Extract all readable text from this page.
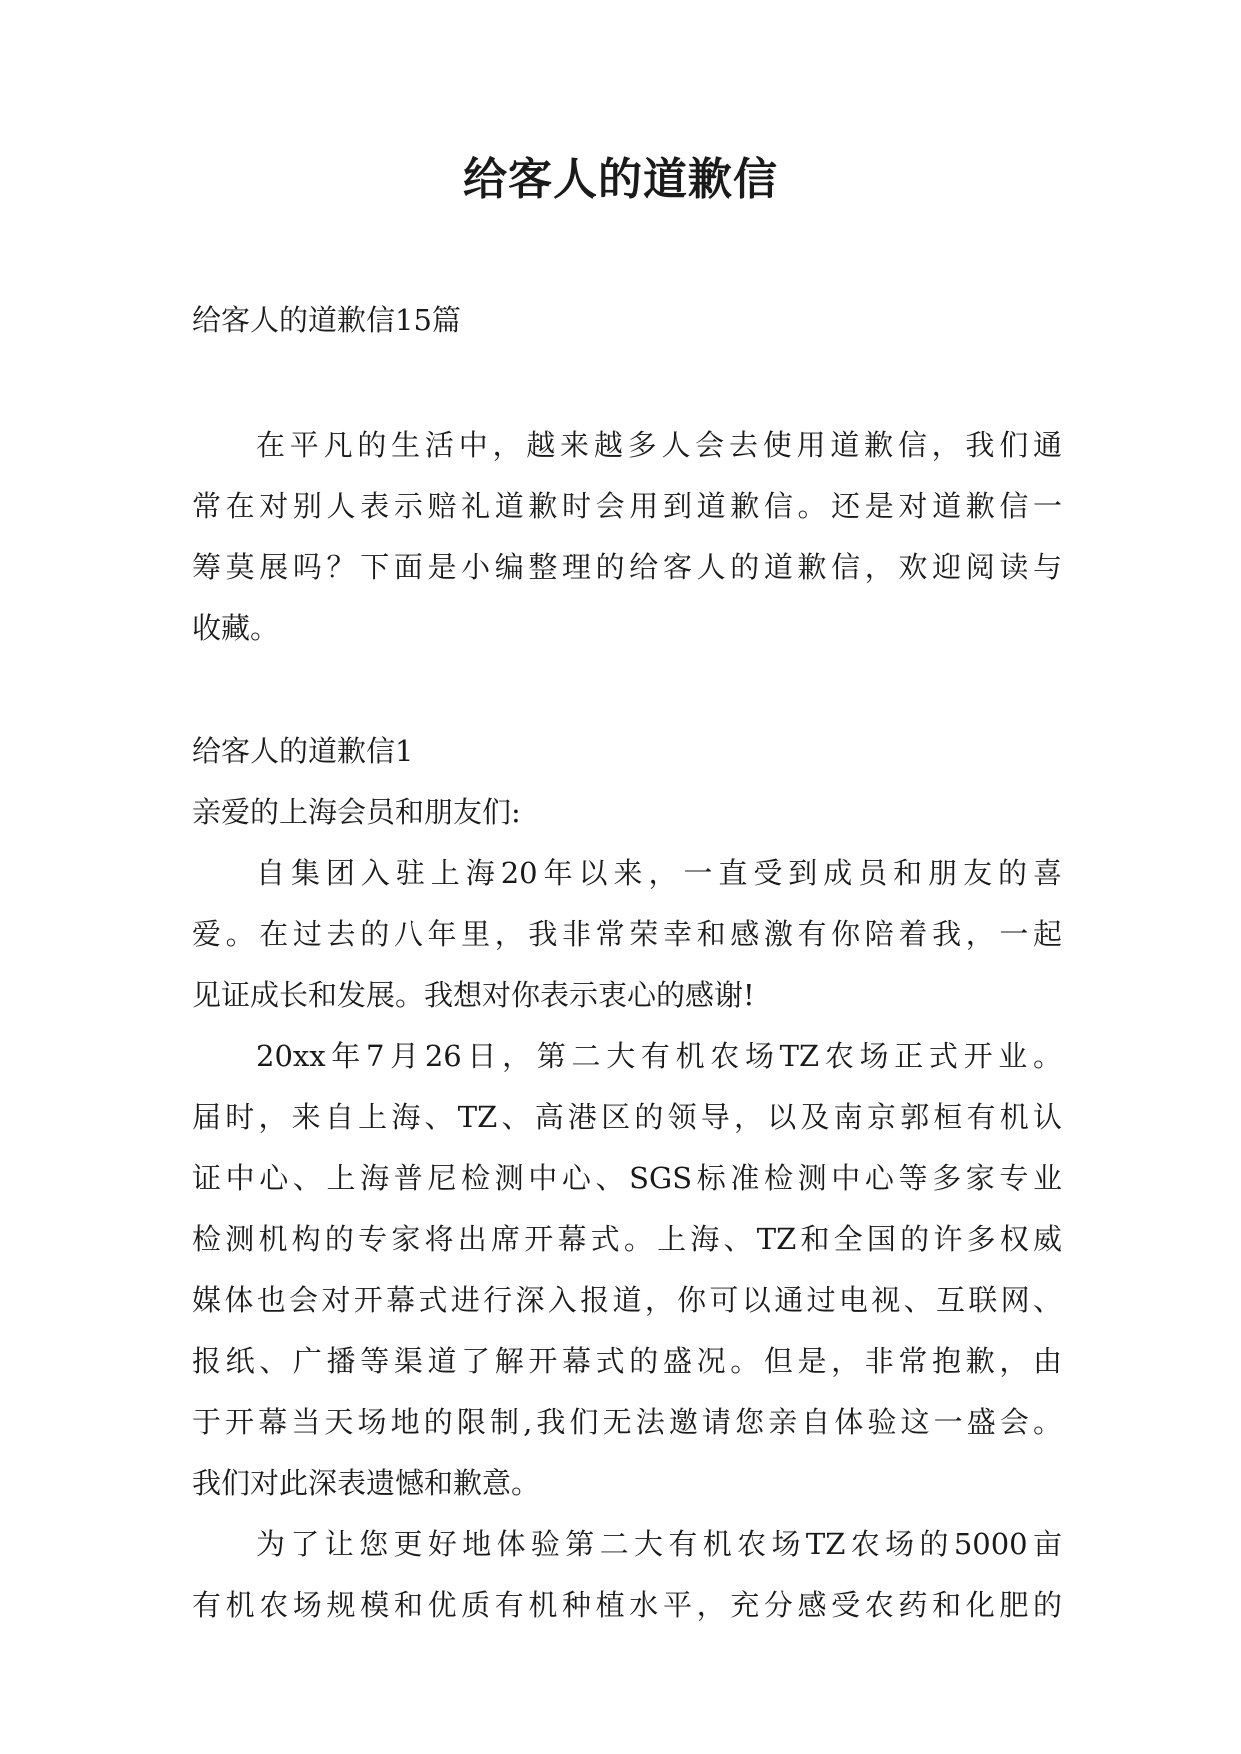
给客人的道歉信

给客人的道歉信15篇

在平凡的生活中，越来越多人会去使用道歉信，我们通

常在对别人表示赔礼道歉时会用到道歉信。还是对道歉信一

筹莫展吗？下面是小编整理的给客人的道歉信，欢迎阅读与

收藏。

给客人的道歉信1

亲爱的上海会员和朋友们:

自集团入驻上海20年以来，一直受到成员和朋友的喜

爱。在过去的八年里，我非常荣幸和感激有你陪着我，一起

见证成长和发展。我想对你表示衷心的感谢!

20xx年7月26日，第二大有机农场TZ农场正式开业。

届时，来自上海、TZ、高港区的领导，以及南京郭桓有机认

证中心、上海普尼检测中心、SGS标准检测中心等多家专业

检测机构的专家将出席开幕式。上海、TZ和全国的许多权威

媒体也会对开幕式进行深入报道，你可以通过电视、互联网、

报纸、广播等渠道了解开幕式的盛况。但是，非常抱歉，由

于开幕当天场地的限制,我们无法邀请您亲自体验这一盛会。

我们对此深表遗憾和歉意。

为了让您更好地体验第二大有机农场TZ农场的5000亩

有机农场规模和优质有机种植水平，充分感受农药和化肥的
